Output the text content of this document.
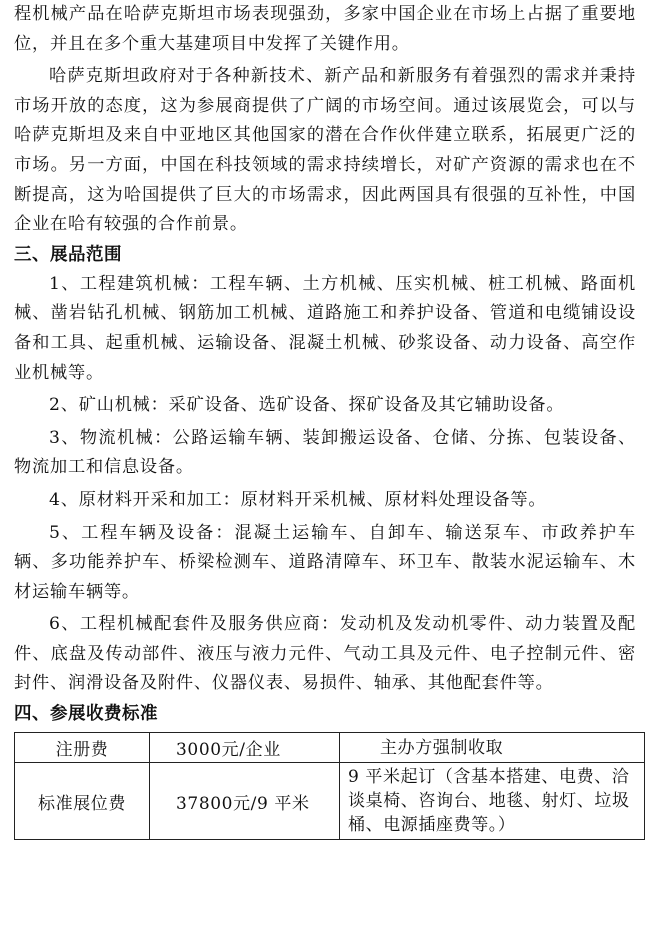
程机械产品在哈萨克斯坦市场表现强劲，多家中国企业在市场上占据了重要地位，并且在多个重大基建项目中发挥了关键作用。

哈萨克斯坦政府对于各种新技术、新产品和新服务有着强烈的需求并秉持市场开放的态度，这为参展商提供了广阔的市场空间。通过该展览会，可以与哈萨克斯坦及来自中亚地区其他国家的潜在合作伙伴建立联系，拓展更广泛的市场。另一方面，中国在科技领域的需求持续增长，对矿产资源的需求也在不断提高，这为哈国提供了巨大的市场需求，因此两国具有很强的互补性，中国企业在哈有较强的合作前景。

三、展品范围

1、工程建筑机械：工程车辆、土方机械、压实机械、桩工机械、路面机械、凿岩钻孔机械、钢筋加工机械、道路施工和养护设备、管道和电缆铺设设备和工具、起重机械、运输设备、混凝土机械、砂浆设备、动力设备、高空作业机械等。

2、矿山机械：采矿设备、选矿设备、探矿设备及其它辅助设备。

3、物流机械：公路运输车辆、装卸搬运设备、仓储、分拣、包装设备、物流加工和信息设备。

4、原材料开采和加工：原材料开采机械、原材料处理设备等。

5、工程车辆及设备：混凝土运输车、自卸车、输送泵车、市政养护车辆、多功能养护车、桥梁检测车、道路清障车、环卫车、散装水泥运输车、木材运输车辆等。

6、工程机械配套件及服务供应商：发动机及发动机零件、动力装置及配件、底盘及传动部件、液压与液力元件、气动工具及元件、电子控制元件、密封件、润滑设备及附件、仪器仪表、易损件、轴承、其他配套件等。

四、参展收费标准
注册费	3000元/企业	主办方强制收取
标准展位费	37800元/9 平米	9 平米起订（含基本搭建、电费、洽谈桌椅、咨询台、地毯、射灯、垃圾桶、电源插座费等。）
